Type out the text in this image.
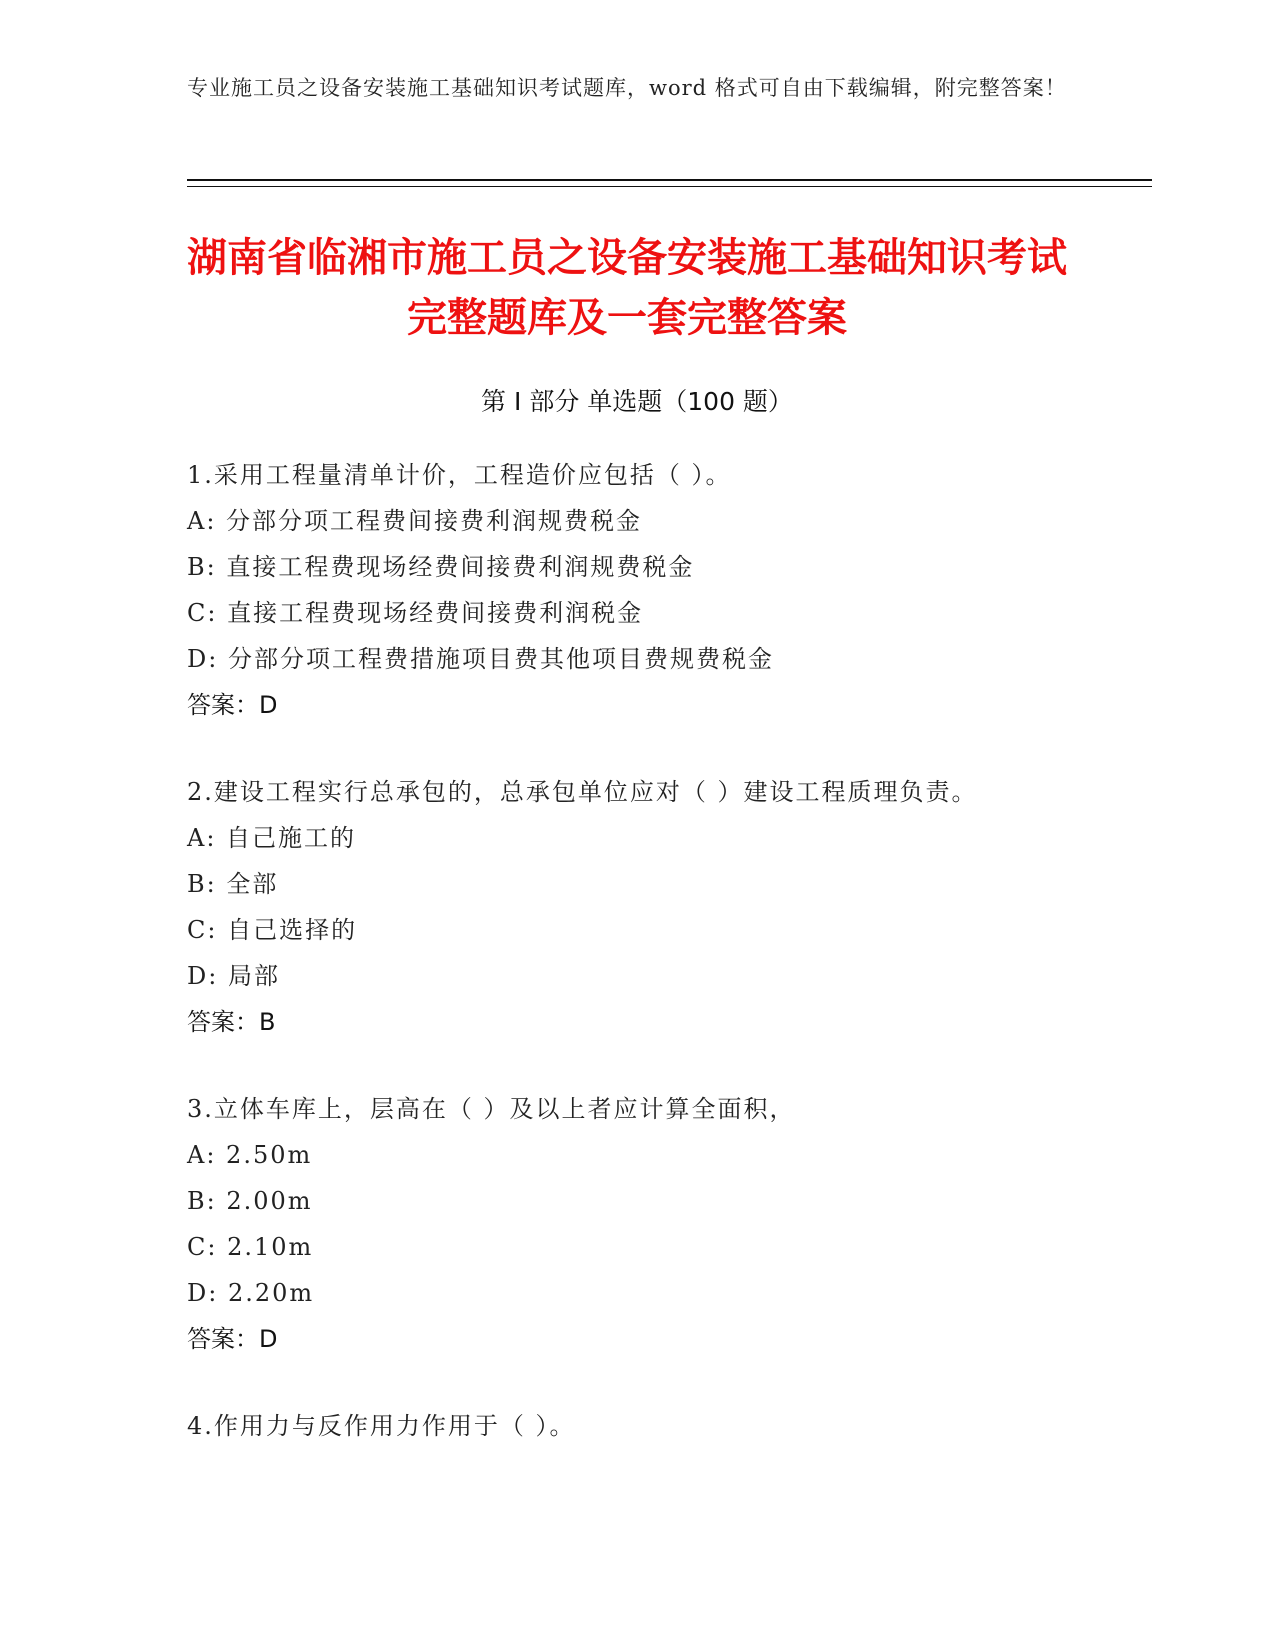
专业施工员之设备安装施工基础知识考试题库，word 格式可自由下载编辑，附完整答案！
湖南省临湘市施工员之设备安装施工基础知识考试完整题库及一套完整答案
第 I 部分 单选题（100 题）
1.采用工程量清单计价，工程造价应包括（ ）。
A: 分部分项工程费间接费利润规费税金
B: 直接工程费现场经费间接费利润规费税金
C: 直接工程费现场经费间接费利润税金
D: 分部分项工程费措施项目费其他项目费规费税金
答案：D
2.建设工程实行总承包的，总承包单位应对（ ）建设工程质理负责。
A: 自己施工的
B: 全部
C: 自己选择的
D: 局部
答案：B
3.立体车库上，层高在（ ）及以上者应计算全面积，
A: 2.50m
B: 2.00m
C: 2.10m
D: 2.20m
答案：D
4.作用力与反作用力作用于（ ）。
